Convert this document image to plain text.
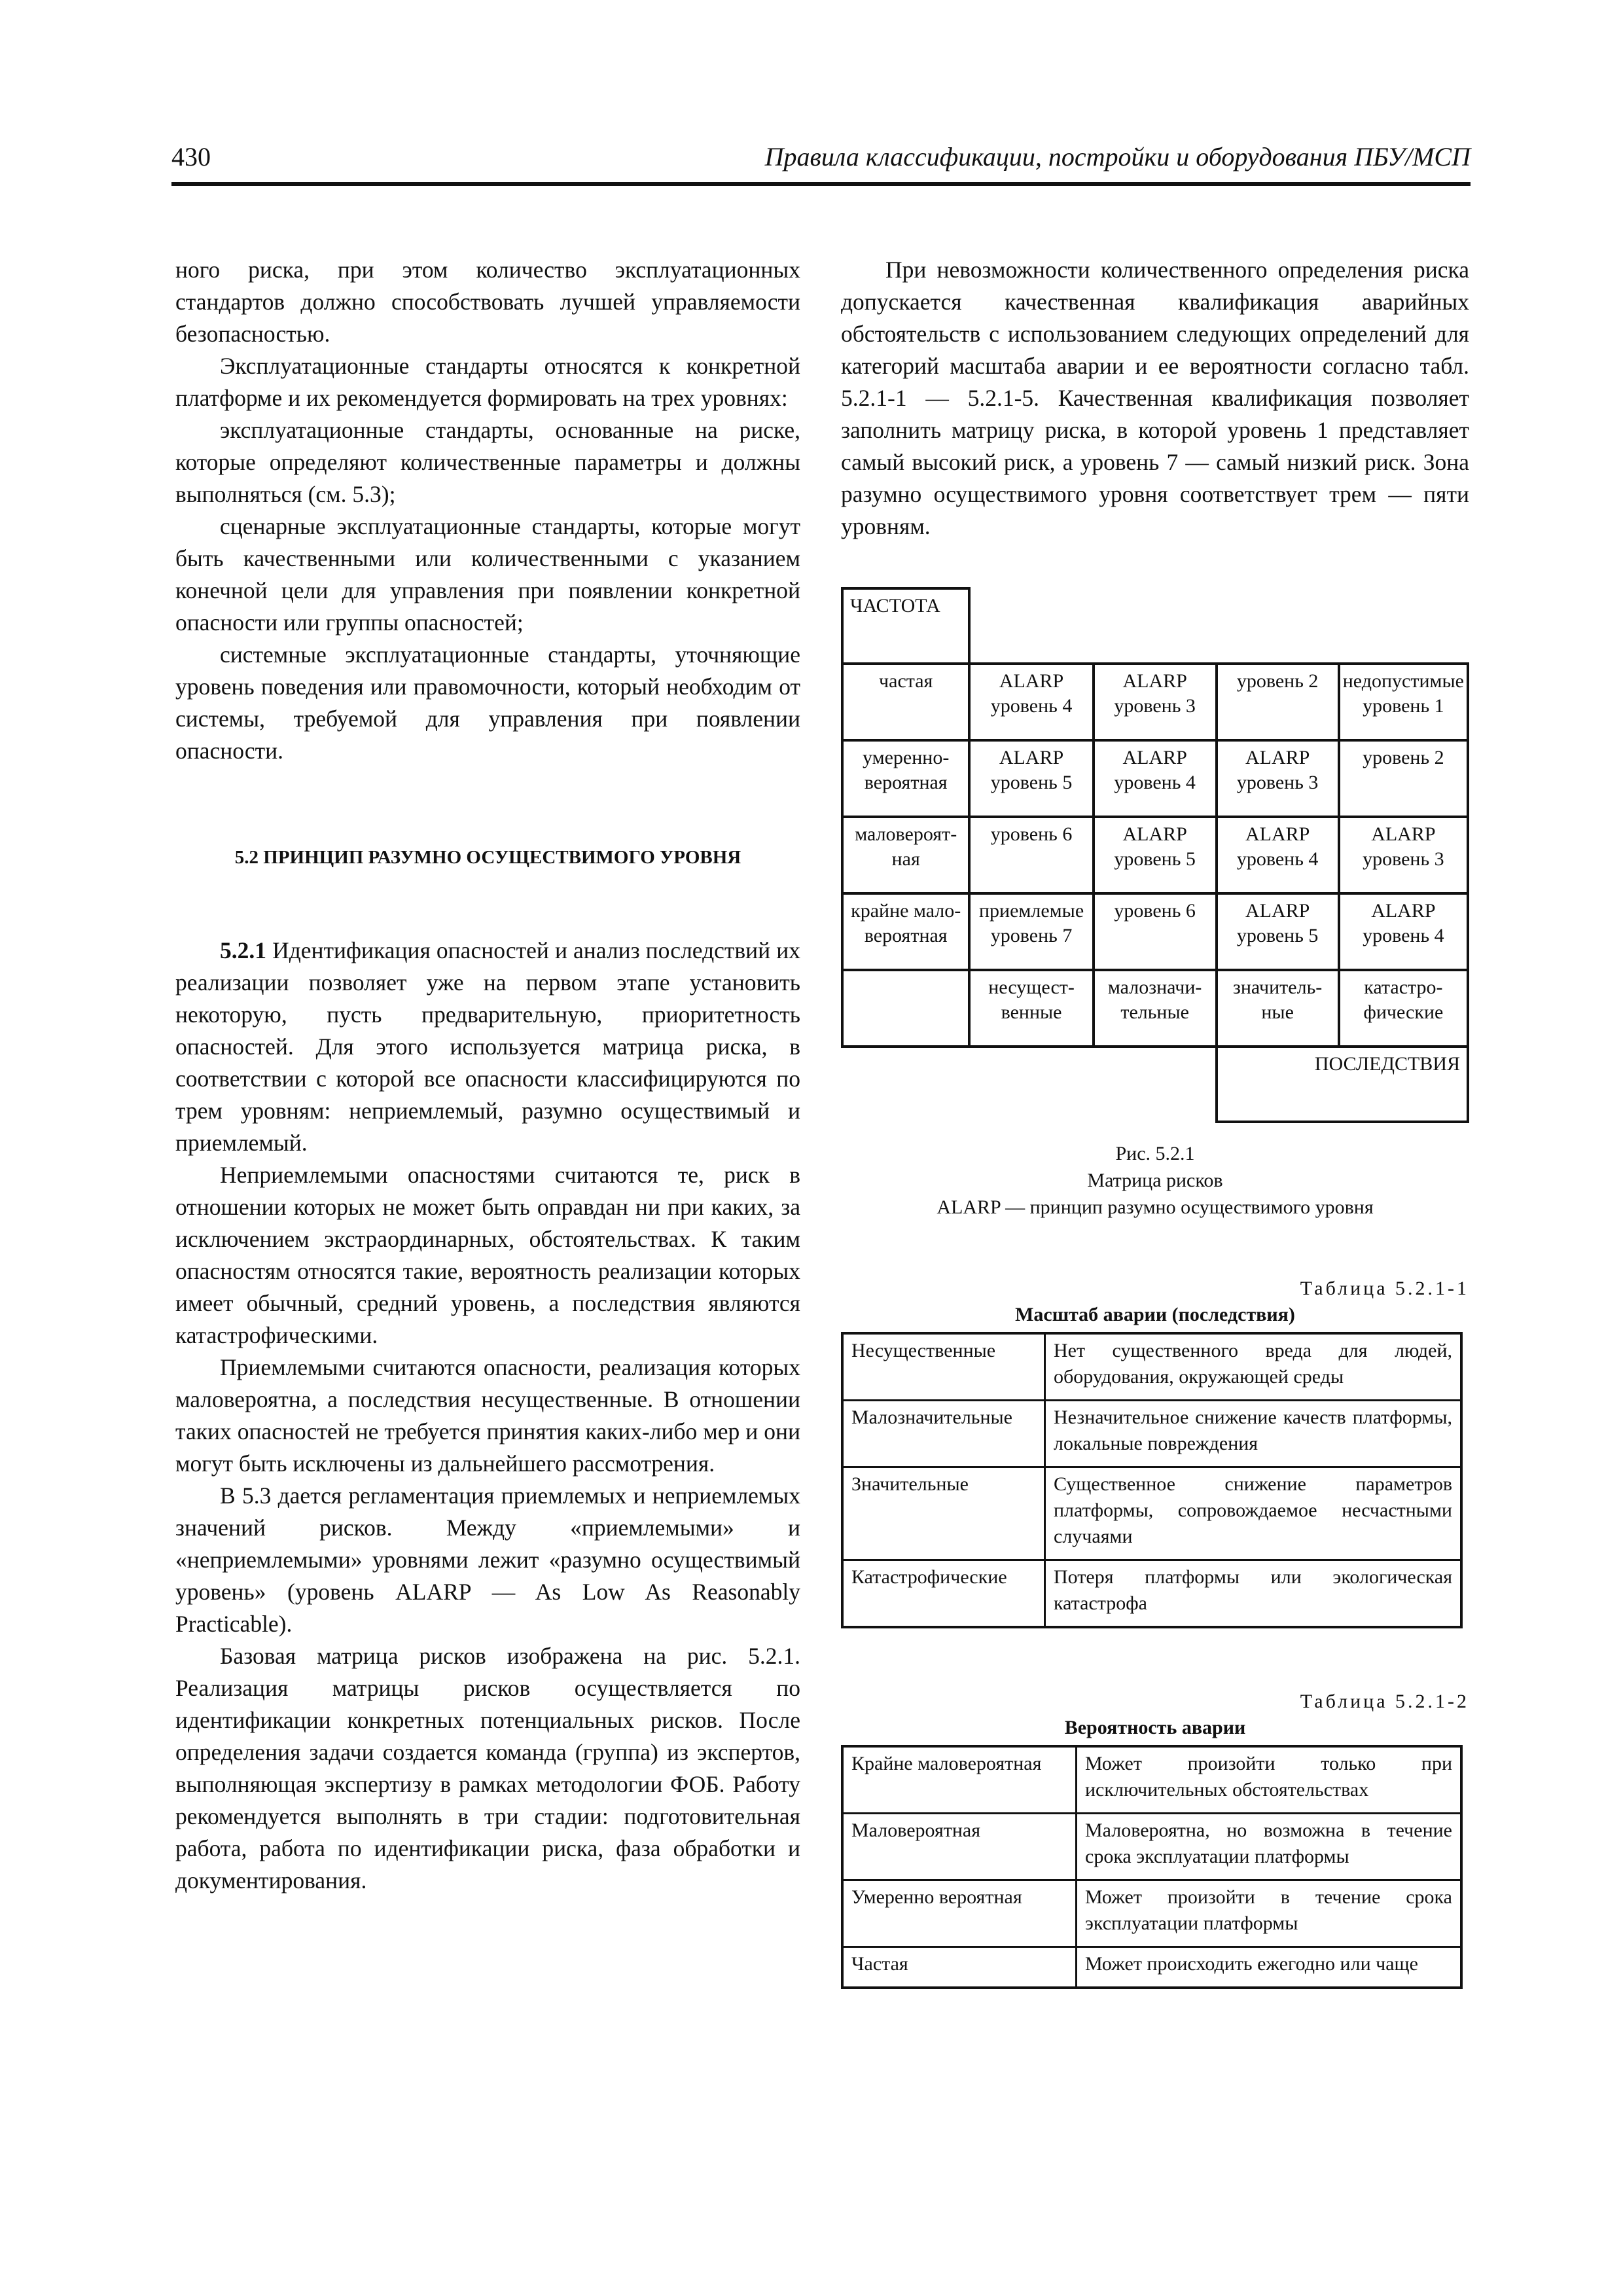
430	Правила классификации, постройки и оборудования ПБУ/МСП

ного риска, при этом количество эксплуатационных стандартов должно способствовать лучшей управляемости безопасностью.

Эксплуатационные стандарты относятся к конкретной платформе и их рекомендуется формировать на трех уровнях:

эксплуатационные стандарты, основанные на риске, которые определяют количественные параметры и должны выполняться (см. 5.3);

сценарные эксплуатационные стандарты, которые могут быть качественными или количественными с указанием конечной цели для управления при появлении конкретной опасности или группы опасностей;

системные эксплуатационные стандарты, уточняющие уровень поведения или правомочности, который необходим от системы, требуемой для управления при появлении опасности.

5.2 ПРИНЦИП РАЗУМНО ОСУЩЕСТВИМОГО УРОВНЯ

5.2.1 Идентификация опасностей и анализ последствий их реализации позволяет уже на первом этапе установить некоторую, пусть предварительную, приоритетность опасностей. Для этого используется матрица риска, в соответствии с которой все опасности классифицируются по трем уровням: неприемлемый, разумно осуществимый и приемлемый.

Неприемлемыми опасностями считаются те, риск в отношении которых не может быть оправдан ни при каких, за исключением экстраординарных, обстоятельствах. К таким опасностям относятся такие, вероятность реализации которых имеет обычный, средний уровень, а последствия являются катастрофическими.

Приемлемыми считаются опасности, реализация которых маловероятна, а последствия несущественные. В отношении таких опасностей не требуется принятия каких-либо мер и они могут быть исключены из дальнейшего рассмотрения.

В 5.3 дается регламентация приемлемых и неприемлемых значений рисков. Между «приемлемыми» и «неприемлемыми» уровнями лежит «разумно осуществимый уровень» (уровень ALARP — As Low As Reasonably Practicable).

Базовая матрица рисков изображена на рис. 5.2.1. Реализация матрицы рисков осуществляется по идентификации конкретных потенциальных рисков. После определения задачи создается команда (группа) из экспертов, выполняющая экспертизу в рамках методологии ФОБ. Работу рекомендуется выполнять в три стадии: подготовительная работа, работа по идентификации риска, фаза обработки и документирования.

При невозможности количественного определения риска допускается качественная квалификация аварийных обстоятельств с использованием следующих определений для категорий масштаба аварии и ее вероятности согласно табл. 5.2.1-1 — 5.2.1-5. Качественная квалификация позволяет заполнить матрицу риска, в которой уровень 1 представляет самый высокий риск, а уровень 7 — самый низкий риск. Зона разумно осуществимого уровня соответствует трем — пяти уровням.

ЧАСТОТА				
частая	ALARP уровень 4	ALARP уровень 3	уровень 2	недопустимые уровень 1
умеренно-вероятная	ALARP уровень 5	ALARP уровень 4	ALARP уровень 3	уровень 2
маловероят-ная	уровень 6	ALARP уровень 5	ALARP уровень 4	ALARP уровень 3
крайне мало-вероятная	приемлемые уровень 7	уровень 6	ALARP уровень 5	ALARP уровень 4
	несущест-венные	малозначи-тельные	значитель-ные	катастро-фические
			ПОСЛЕДСТВИЯ	

Рис. 5.2.1

Матрица рисков

ALARP — принцип разумно осуществимого уровня

Таблица 5.2.1-1

Масштаб аварии (последствия)

Несущественные	Нет существенного вреда для людей, оборудования, окружающей среды
Малозначительные	Незначительное снижение качеств платформы, локальные повреждения
Значительные	Существенное снижение параметров платформы, сопровождаемое несчастными случаями
Катастрофические	Потеря платформы или экологическая катастрофа

Таблица 5.2.1-2

Вероятность аварии

Крайне маловероятная	Может произойти только при исключительных обстоятельствах
Маловероятная	Маловероятна, но возможна в течение срока эксплуатации платформы
Умеренно вероятная	Может произойти в течение срока эксплуатации платформы
Частая	Может происходить ежегодно или чаще
